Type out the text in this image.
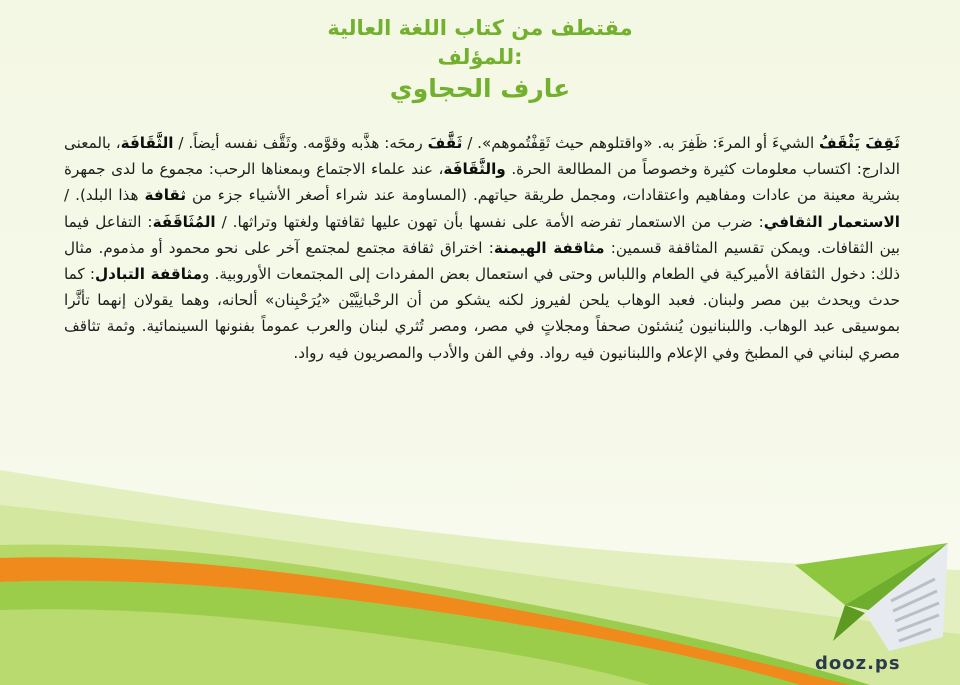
مقتطف من كتاب اللغة العالية
للمؤلف:
عارف الحجاوي

ثَقِفَ يَثْقَفُ الشيءَ أو المرءَ: ظَفِرَ به. «واقتلوهم حيث ثَقِفْتُموهم». / ثَقَّفَ رمحَه: هذَّبه وقوَّمه. وثَقَّف نفسه أيضاً. / الثَّقَافَة، بالمعنى الدارج: اكتساب معلومات كثيرة وخصوصاً من المطالعة الحرة. والثَّقَافَة، عند علماء الاجتماع وبمعناها الرحب: مجموع ما لدى جمهرة بشرية معينة من عادات ومفاهيم واعتقادات، ومجمل طريقة حياتهم. (المساومة عند شراء أصغر الأشياء جزء من ثقافة هذا البلد). / الاستعمار الثقافي: ضرب من الاستعمار تفرضه الأمة على نفسها بأن تهون عليها ثقافتها ولغتها وتراثها. / المُثَاقَفَة: التفاعل فيما بين الثقافات. ويمكن تقسيم المثاقفة قسمين: مثاقفة الهيمنة: اختراق ثقافة مجتمع لمجتمع آخر على نحو محمود أو مذموم. مثال ذلك: دخول الثقافة الأميركية في الطعام واللباس وحتى في استعمال بعض المفردات إلى المجتمعات الأوروبية. ومثاقفة التبادل: كما حدث ويحدث بين مصر ولبنان. فعبد الوهاب يلحن لفيروز لكنه يشكو من أن الرحْبانِيَّيْن «يُرَحْبِنان» ألحانه، وهما يقولان إنهما تأثَّرا بموسيقى عبد الوهاب. واللبنانيون يُنشئون صحفاً ومجلاتٍ في مصر، ومصر تُثري لبنان والعرب عموماً بفنونها السينمائية. وثمة تثاقف مصري لبناني في المطبخ وفي الإعلام واللبنانيون فيه رواد. وفي الفن والأدب والمصريون فيه رواد.

dooz.ps
